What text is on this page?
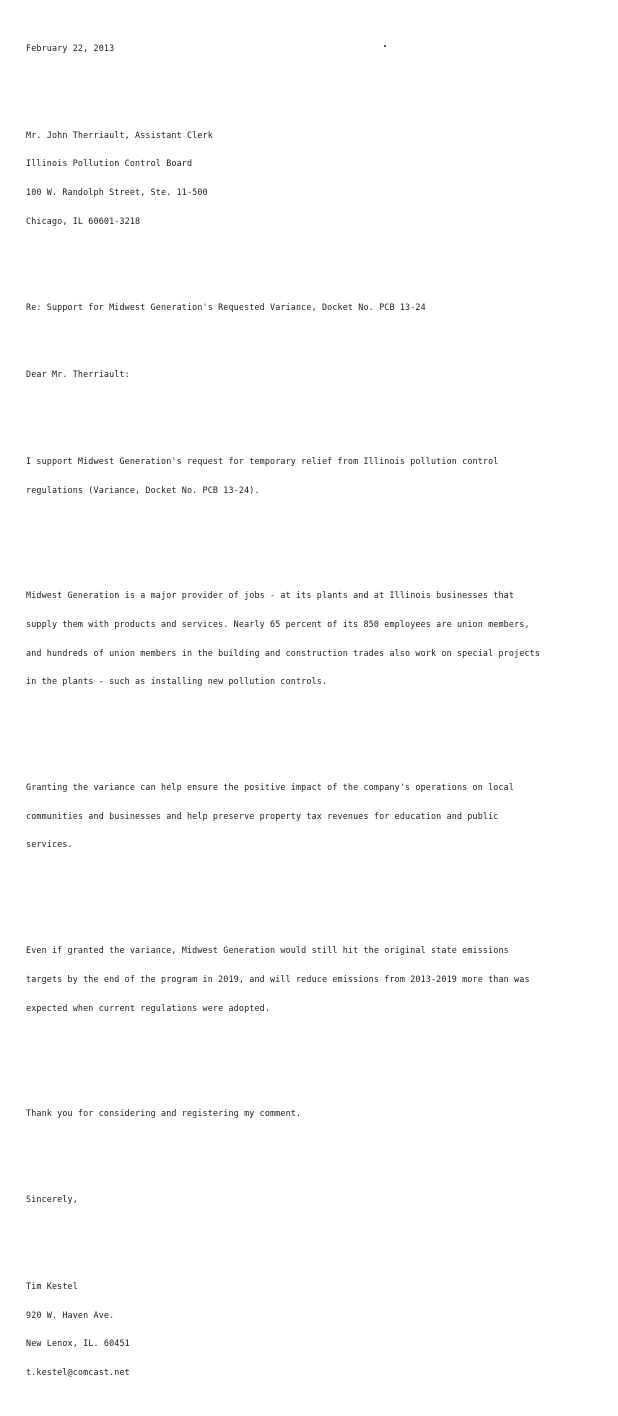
February 22, 2013

Mr. John Therriault, Assistant Clerk

Illinois Pollution Control Board

100 W. Randolph Street, Ste. 11-500

Chicago, IL 60601-3218

Re: Support for Midwest Generation's Requested Variance, Docket No. PCB 13-24

Dear Mr. Therriault:

I support Midwest Generation's request for temporary relief from Illinois pollution control

regulations (Variance, Docket No. PCB 13-24).

Midwest Generation is a major provider of jobs - at its plants and at Illinois businesses that

supply them with products and services. Nearly 65 percent of its 850 employees are union members,

and hundreds of union members in the building and construction trades also work on special projects

in the plants - such as installing new pollution controls.

Granting the variance can help ensure the positive impact of the company's operations on local

communities and businesses and help preserve property tax revenues for education and public

services.

Even if granted the variance, Midwest Generation would still hit the original state emissions

targets by the end of the program in 2019, and will reduce emissions from 2013-2019 more than was

expected when current regulations were adopted.

Thank you for considering and registering my comment.

Sincerely,

Tim Kestel

920 W. Haven Ave.

New Lenox, IL. 60451

t.kestel@comcast.net
